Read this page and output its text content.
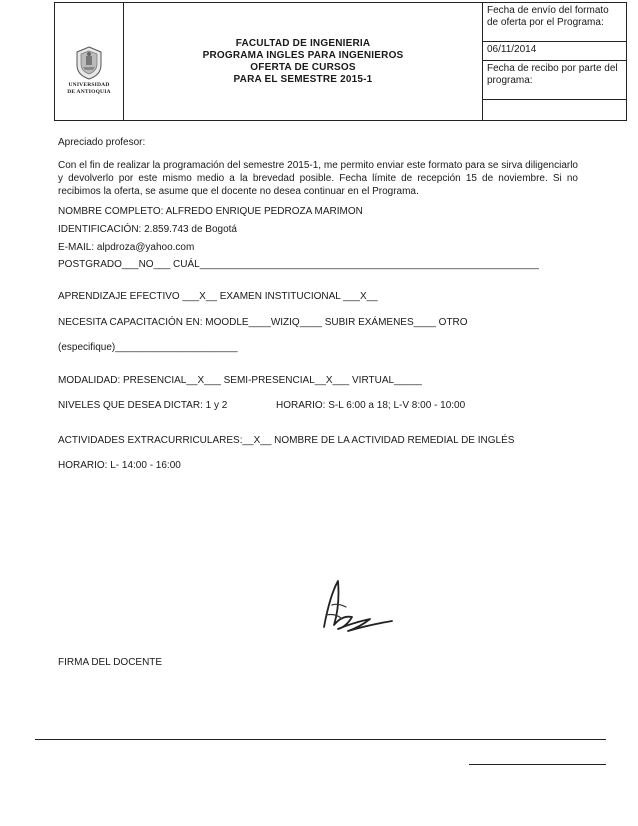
UNIVERSIDAD
DE ANTIOQUIA

FACULTAD DE INGENIERIA
PROGRAMA INGLES PARA INGENIEROS
OFERTA DE CURSOS
PARA EL SEMESTRE 2015-1
	Fecha de envío del formato de oferta por el Programa:
06/11/2014
Fecha de recibo por parte del programa:

Apreciado profesor:
Con el fin de realizar la programación del semestre 2015-1, me permito enviar este formato para se sirva diligenciarlo y devolverlo por este mismo medio a la brevedad posible. Fecha límite de recepción 15 de noviembre. Si no recibimos la oferta, se asume que el docente no desea continuar en el Programa.
NOMBRE COMPLETO: ALFREDO ENRIQUE PEDROZA MARIMON
IDENTIFICACIÓN: 2.859.743 de Bogotá
E-MAIL: alpdroza@yahoo.com
POSTGRADO___NO___ CUÁL_____________________________________________________________
APRENDIZAJE EFECTIVO ___X__ EXAMEN INSTITUCIONAL ___X__
NECESITA CAPACITACIÓN EN: MOODLE____WIZIQ____ SUBIR EXÁMENES____ OTRO
(especifique)______________________
MODALIDAD: PRESENCIAL__X___ SEMI-PRESENCIAL__X___ VIRTUAL_____
NIVELES QUE DESEA DICTAR: 1 y 2	HORARIO: S-L 6:00 a 18; L-V 8:00 - 10:00
ACTIVIDADES EXTRACURRICULARES:__X__ NOMBRE DE LA ACTIVIDAD REMEDIAL DE INGLÉS
HORARIO: L- 14:00 - 16:00
FIRMA DEL DOCENTE
